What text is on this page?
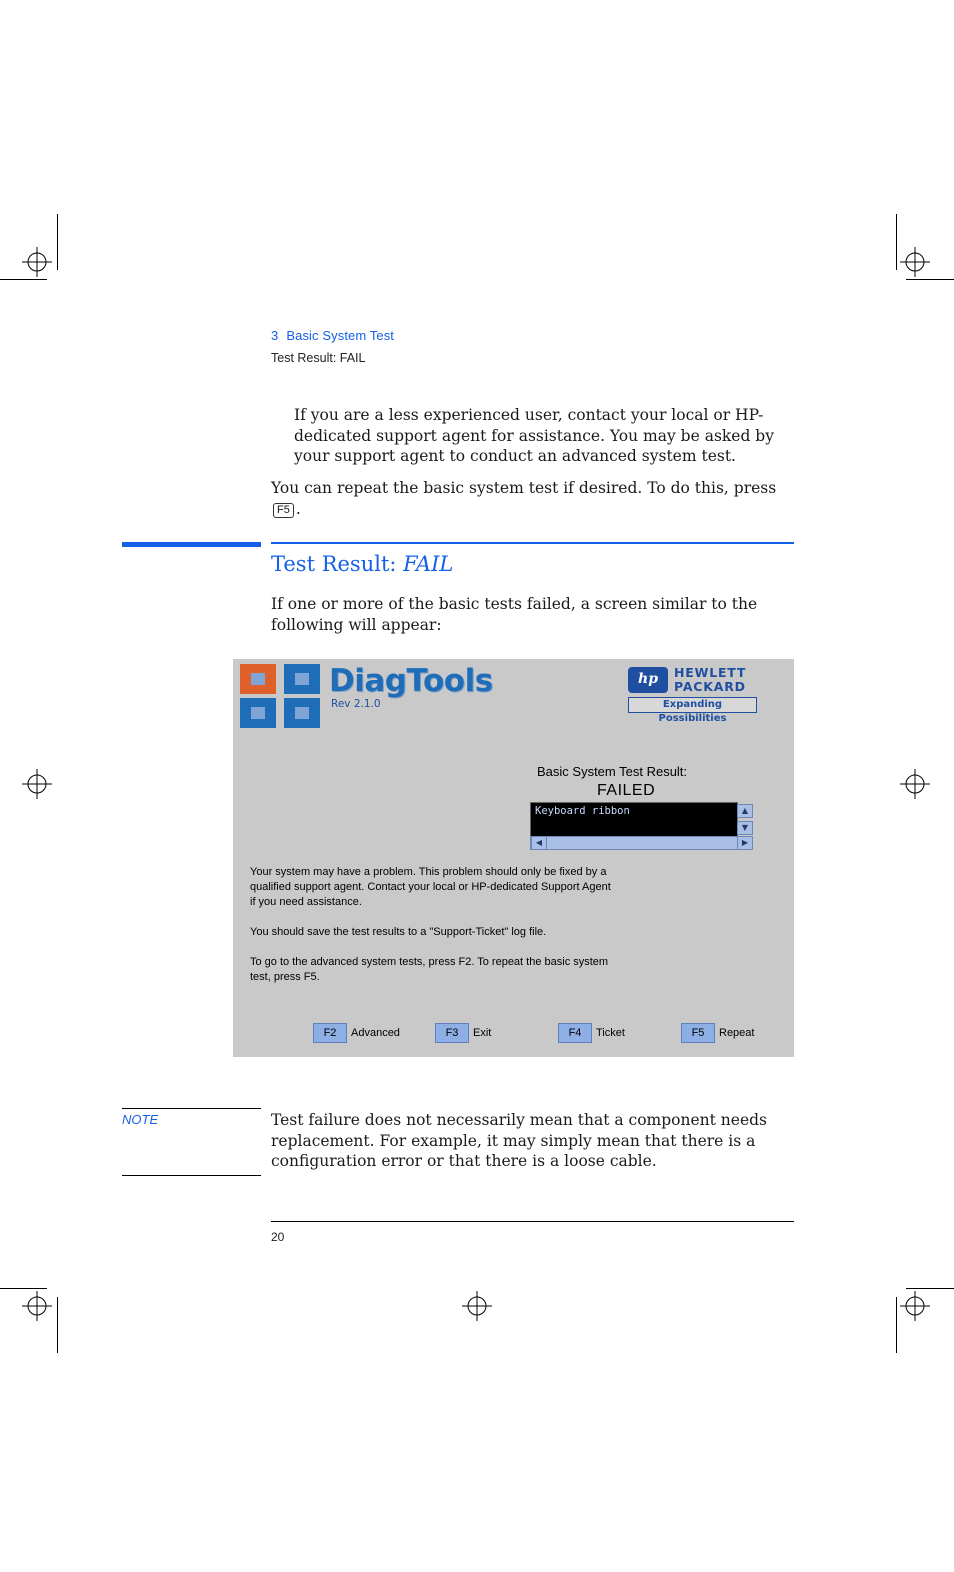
3 Basic System Test
Test Result: FAIL
If you are a less experienced user, contact your local or HP-dedicated support agent for assistance. You may be asked by your support agent to conduct an advanced system test.
You can repeat the basic system test if desired. To do this, press F5 .
Test Result: FAIL
If one or more of the basic tests failed, a screen similar to the following will appear:
DiagTools
Rev 2.1.0
hp	HEWLETT
PACKARD
Expanding Possibilities
Basic System Test Result:
FAILED
Keyboard ribbon	▲
▼
◀	▶
Your system may have a problem. This problem should only be fixed by a
qualified support agent. Contact your local or HP-dedicated Support Agent
if you need assistance.
You should save the test results to a "Support-Ticket" log file.
To go to the advanced system tests, press F2. To repeat the basic system
test, press F5.
F2	Advanced	F3	Exit	F4	Ticket	F5	Repeat
NOTE	Test failure does not necessarily mean that a component needs replacement. For example, it may simply mean that there is a configuration error or that there is a loose cable.
20
